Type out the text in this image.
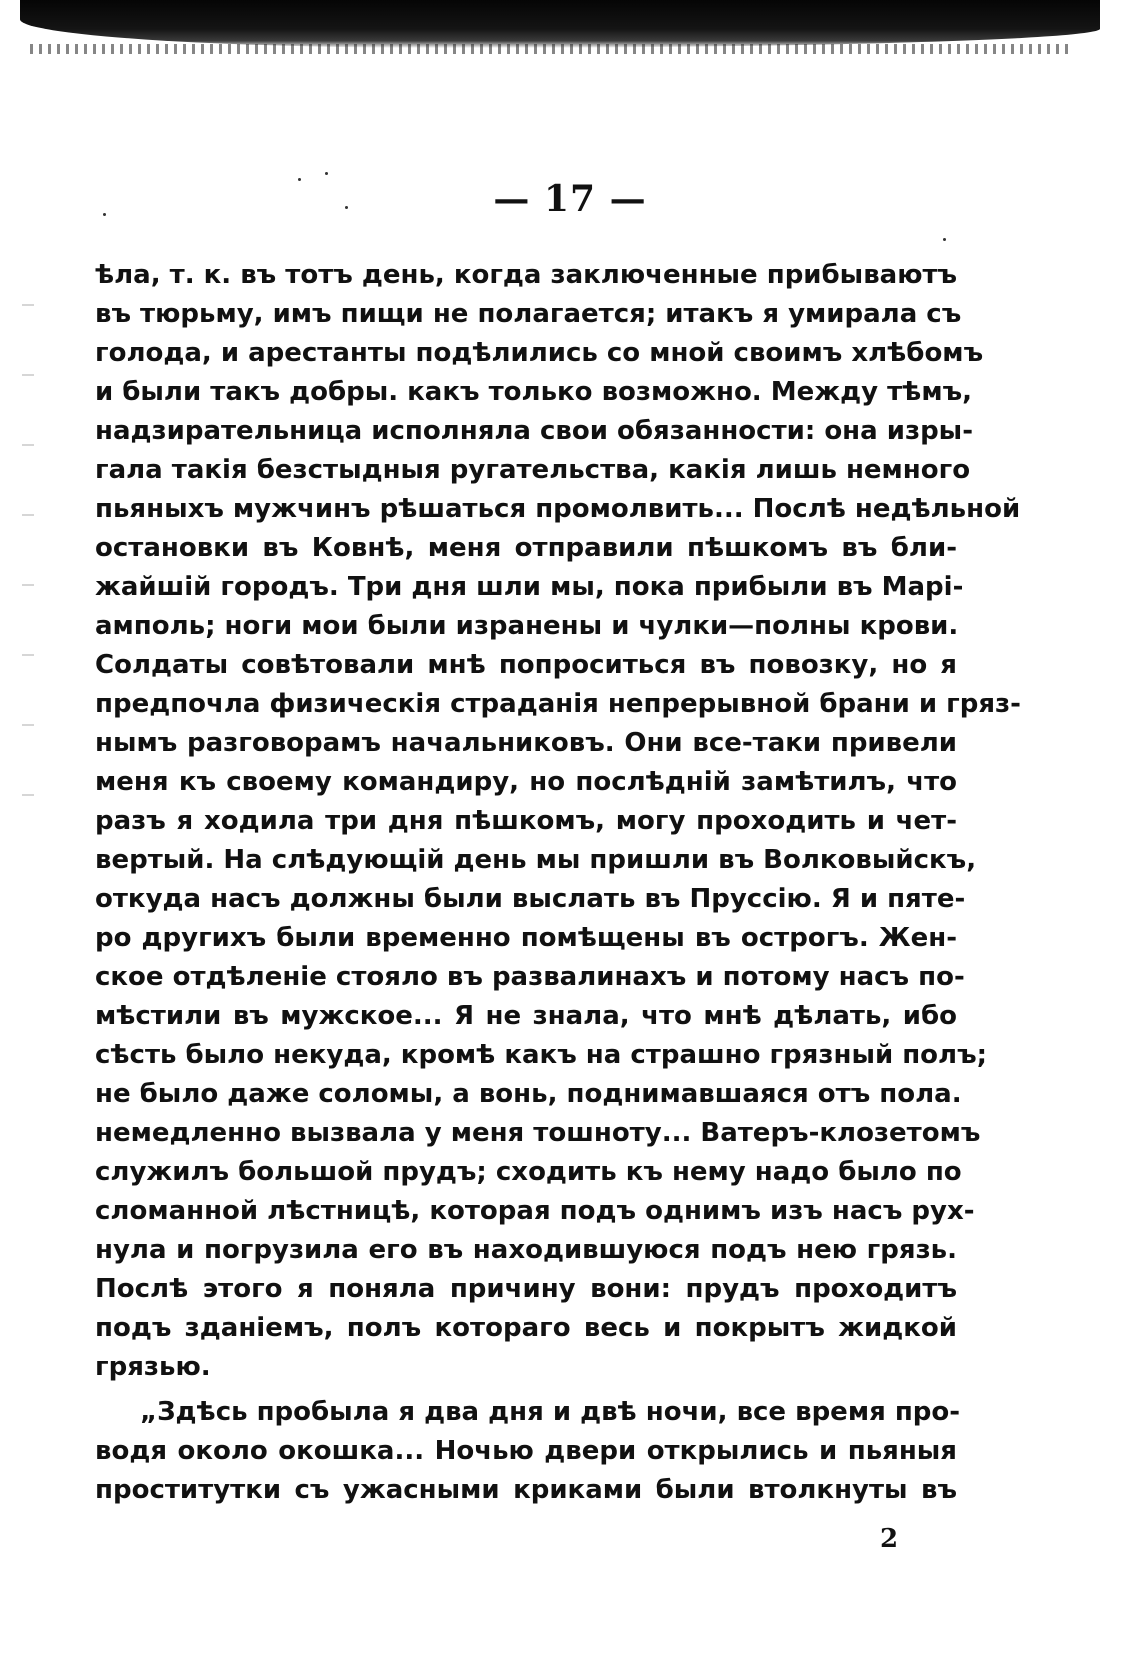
— 17 —
ѣла, т. к. въ тотъ день, когда заключенные прибываютъ
въ тюрьму, имъ пищи не полагается; итакъ я умирала съ
голода, и арестанты подѣлились со мной своимъ хлѣбомъ
и были такъ добры. какъ только возможно. Между тѣмъ,
надзирательница исполняла свои обязанности: она изры-
гала такія безстыдныя ругательства, какія лишь немного
пьяныхъ мужчинъ рѣшаться промолвить... Послѣ недѣльной
остановки въ Ковнѣ, меня отправили пѣшкомъ въ бли-
жайшій городъ. Три дня шли мы, пока прибыли въ Марі-
амполь; ноги мои были изранены и чулки—полны крови.
Солдаты совѣтовали мнѣ попроситься въ повозку, но я
предпочла физическія страданія непрерывной брани и гряз-
нымъ разговорамъ начальниковъ. Они все-таки привели
меня къ своему командиру, но послѣдній замѣтилъ, что
разъ я ходила три дня пѣшкомъ, могу проходить и чет-
вертый. На слѣдующій день мы пришли въ Волковыйскъ,
откуда насъ должны были выслать въ Пруссію. Я и пяте-
ро другихъ были временно помѣщены въ острогъ. Жен-
ское отдѣленіе стояло въ развалинахъ и потому насъ по-
мѣстили въ мужское... Я не знала, что мнѣ дѣлать, ибо
сѣсть было некуда, кромѣ какъ на страшно грязный полъ;
не было даже соломы, а вонь, поднимавшаяся отъ пола.
немедленно вызвала у меня тошноту... Ватеръ-клозетомъ
служилъ большой прудъ; сходить къ нему надо было по
сломанной лѣстницѣ, которая подъ однимъ изъ насъ рух-
нула и погрузила его въ находившуюся подъ нею грязь.
Послѣ этого я поняла причину вони: прудъ проходитъ
подъ зданіемъ, полъ котораго весь и покрытъ жидкой
грязью.
„Здѣсь пробыла я два дня и двѣ ночи, все время про-
водя около окошка... Ночью двери открылись и пьяныя
проститутки съ ужасными криками были втолкнуты въ
2
